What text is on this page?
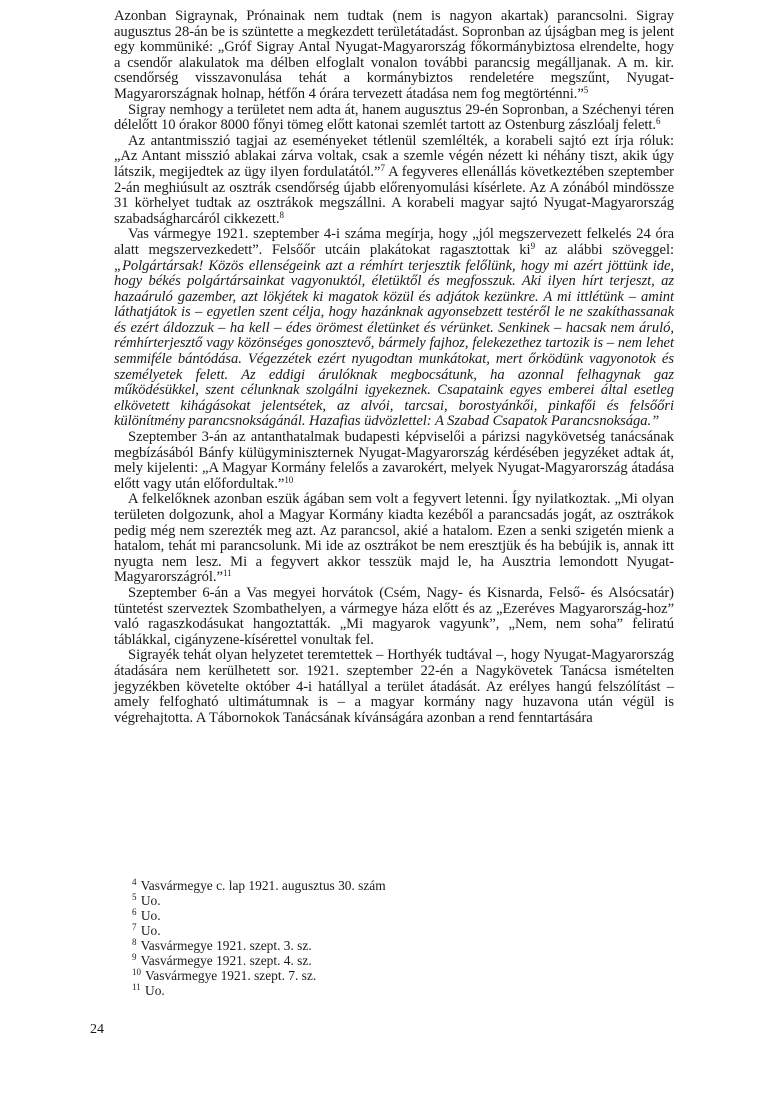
Azonban Sigraynak, Prónainak nem tudtak (nem is nagyon akartak) parancsolni. Sigray augusztus 28-án be is szüntette a megkezdett területátadást. Sopronban az újságban meg is jelent egy kommüniké: „Gróf Sigray Antal Nyugat-Magyarország főkormánybiztosa elrendelte, hogy a csendőr alakulatok ma délben elfoglalt vonalon további parancsig megálljanak. A m. kir. csendőrség visszavonulása tehát a kormánybiztos rendeletére megszűnt, Nyugat-Magyarországnak holnap, hétfőn 4 órára tervezett átadása nem fog megtörténni.”$^5$

Sigray nemhogy a területet nem adta át, hanem augusztus 29-én Sopronban, a Széchenyi téren délelőtt 10 órakor 8000 főnyi tömeg előtt katonai szemlét tartott az Ostenburg zászlóalj felett.$^6$

Az antantmisszió tagjai az eseményeket tétlenül szemlélték, a korabeli sajtó ezt írja róluk: „Az Antant misszió ablakai zárva voltak, csak a szemle végén nézett ki néhány tiszt, akik úgy látszik, megijedtek az ügy ilyen fordulatától.”$^7$ A fegyveres ellenállás következtében szeptember 2-án meghiúsult az osztrák csendőrség újabb előrenyomulási kísérlete. Az A zónából mindössze 31 körhelyet tudtak az osztrákok megszállni. A korabeli magyar sajtó Nyugat-Magyarország szabadságharcáról cikkezett.$^8$

Vas vármegye 1921. szeptember 4-i száma megírja, hogy „jól megszervezett felkelés 24 óra alatt megszervezkedett”. Felsőőr utcáin plakátokat ragasztottak $ki^9$ az alábbi szöveggel: „Polgártársak! Közös ellenségeink azt a rémhírt terjesztik felőlünk, hogy mi azért jöttünk ide, hogy békés polgártársainkat vagyonuktól, életüktől és megfosszuk. Aki ilyen hírt terjeszt, az hazaáruló gazember, azt lökjétek ki magatok közül és adjátok kezünkre. A mi ittlétünk – amint láthatjátok is – egyetlen szent célja, hogy hazánknak agyonsebzett testéről le ne szakíthassanak és ezért áldozzuk – ha kell – édes örömest életünket és vérünket. Senkinek – hacsak nem áruló, rémhírterjesztő vagy közönséges gonosztevő, bármely fajhoz, felekezethez tartozik is – nem lehet semmiféle bántódása. Végezzétek ezért nyugodtan munkátokat, mert őrködünk vagyonotok és személyetek felett. Az eddigi árulóknak megbocsátunk, ha azonnal felhagynak gaz működésükkel, szent célunknak szolgálni igyekeznek. Csapataink egyes emberei által esetleg elkövetett kihágásokat jelentsétek, az alvói, tarcsai, borostyánkői, pinkafői és felsőőri különítmény parancsnokságánál. Hazafias üdvözlettel: A Szabad Csapatok Parancsnoksága.”

Szeptember 3-án az antanthatalmak budapesti képviselői a párizsi nagykövetség tanácsának megbízásából Bánfy külügyminiszternek Nyugat-Magyarország kérdésében jegyzéket adtak át, mely kijelenti: „A Magyar Kormány felelős a zavarokért, melyek Nyugat-Magyarország átadása előtt vagy után előfordultak.”$^{10}$

A felkelőknek azonban eszük ágában sem volt a fegyvert letenni. Így nyilatkoztak. „Mi olyan területen dolgozunk, ahol a Magyar Kormány kiadta kezéből a parancsadás jogát, az osztrákok pedig még nem szerezték meg azt. Az parancsol, akié a hatalom. Ezen a senki szigetén mienk a hatalom, tehát mi parancsolunk. Mi ide az osztrákot be nem eresztjük és ha bebújik is, annak itt nyugta nem lesz. Mi a fegyvert akkor tesszük majd le, ha Ausztria lemondott Nyugat-Magyarországról.”$^{11}$

Szeptember 6-án a Vas megyei horvátok (Csém, Nagy- és Kisnarda, Felső- és Alsócsatár) tüntetést szerveztek Szombathelyen, a vármegye háza előtt és az „Ezeréves Magyarország-hoz” való ragaszkodásukat hangoztatták. „Mi magyarok vagyunk”, „Nem, nem soha” feliratú táblákkal, cigányzene-kísérettel vonultak fel.

Sigrayék tehát olyan helyzetet teremtettek – Horthyék tudtával –, hogy Nyugat-Magyarország átadására nem kerülhetett sor. 1921. szeptember 22-én a Nagykövetek Tanácsa ismételten jegyzékben követelte október 4-i hatállyal a terület átadását. Az erélyes hangú felszólítást – amely felfogható ultimátumnak is – a magyar kormány nagy huzavona után végül is végrehajtotta. A Tábornokok Tanácsának kívánságára azonban a rend fenntartására

$^4$ Vasvármegye c. lap 1921. augusztus 30. szám
$^5$ Uo.
$^6$ Uo.
$^7$ Uo.
$^8$ Vasvármegye 1921. szept. 3. sz.
$^9$ Vasvármegye 1921. szept. 4. sz.
$^{10}$ Vasvármegye 1921. szept. 7. sz.
$^{11}$ Uo.
24
